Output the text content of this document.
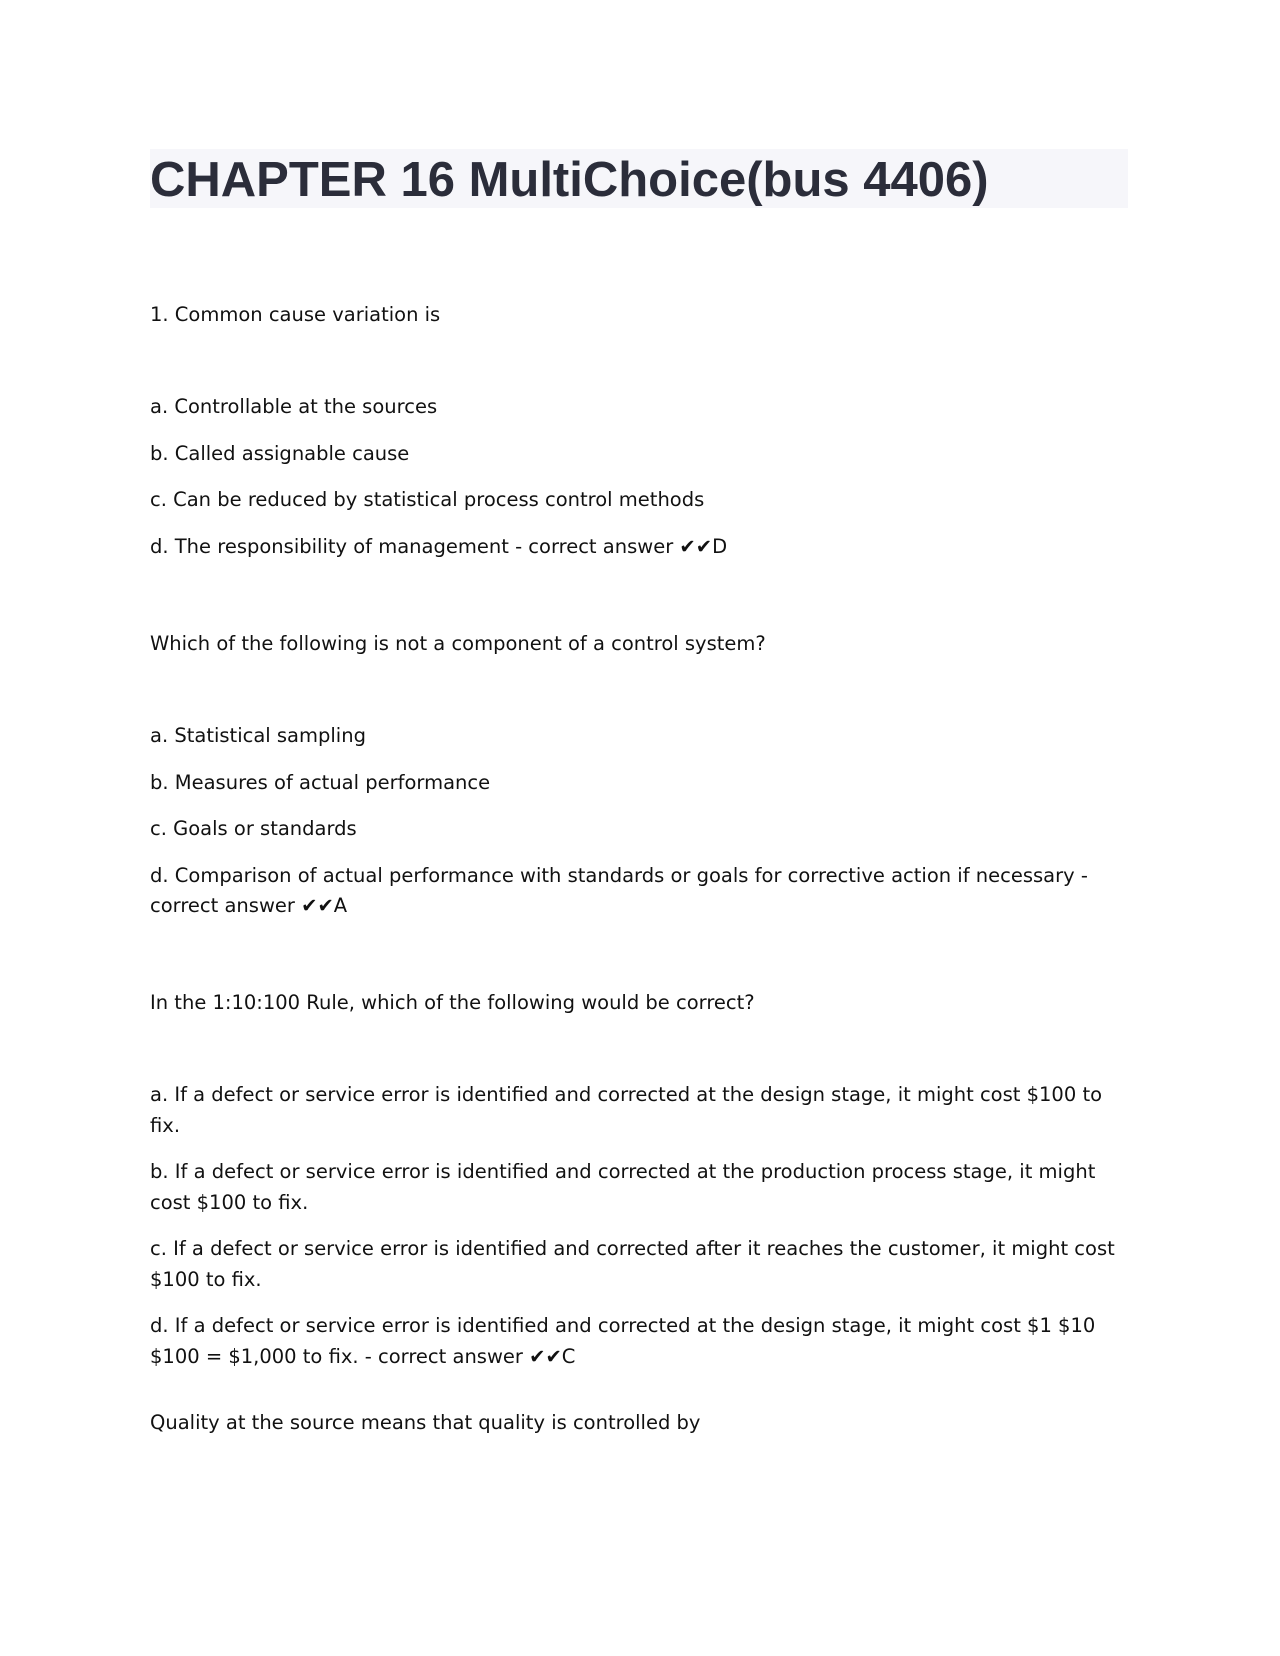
CHAPTER 16 MultiChoice(bus 4406)

1. Common cause variation is

a. Controllable at the sources
b. Called assignable cause
c. Can be reduced by statistical process control methods
d. The responsibility of management - correct answer ✔✔D

Which of the following is not a component of a control system?

a. Statistical sampling
b. Measures of actual performance
c. Goals or standards
d. Comparison of actual performance with standards or goals for corrective action if necessary - correct answer ✔✔A

In the 1:10:100 Rule, which of the following would be correct?

a. If a defect or service error is identified and corrected at the design stage, it might cost $100 to fix.
b. If a defect or service error is identified and corrected at the production process stage, it might cost $100 to fix.
c. If a defect or service error is identified and corrected after it reaches the customer, it might cost $100 to fix.
d. If a defect or service error is identified and corrected at the design stage, it might cost $1 $10 $100 = $1,000 to fix. - correct answer ✔✔C

Quality at the source means that quality is controlled by
